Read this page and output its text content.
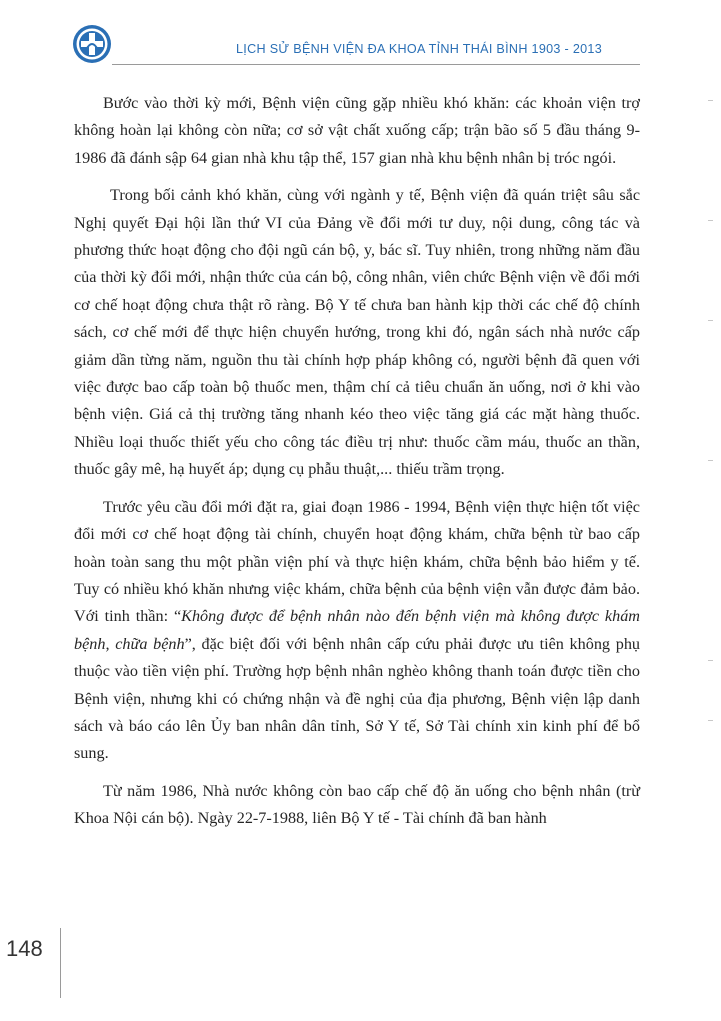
LỊCH SỬ BỆNH VIỆN ĐA KHOA TỈNH THÁI BÌNH 1903 - 2013

Bước vào thời kỳ mới, Bệnh viện cũng gặp nhiều khó khăn: các khoản viện trợ không hoàn lại không còn nữa; cơ sở vật chất xuống cấp; trận bão số 5 đầu tháng 9-1986 đã đánh sập 64 gian nhà khu tập thể, 157 gian nhà khu bệnh nhân bị tróc ngói.

Trong bối cảnh khó khăn, cùng với ngành y tế, Bệnh viện đã quán triệt sâu sắc Nghị quyết Đại hội lần thứ VI của Đảng về đổi mới tư duy, nội dung, công tác và phương thức hoạt động cho đội ngũ cán bộ, y, bác sĩ. Tuy nhiên, trong những năm đầu của thời kỳ đổi mới, nhận thức của cán bộ, công nhân, viên chức Bệnh viện về đổi mới cơ chế hoạt động chưa thật rõ ràng. Bộ Y tế chưa ban hành kịp thời các chế độ chính sách, cơ chế mới để thực hiện chuyển hướng, trong khi đó, ngân sách nhà nước cấp giảm dần từng năm, nguồn thu tài chính hợp pháp không có, người bệnh đã quen với việc được bao cấp toàn bộ thuốc men, thậm chí cả tiêu chuẩn ăn uống, nơi ở khi vào bệnh viện. Giá cả thị trường tăng nhanh kéo theo việc tăng giá các mặt hàng thuốc. Nhiều loại thuốc thiết yếu cho công tác điều trị như: thuốc cầm máu, thuốc an thần, thuốc gây mê, hạ huyết áp; dụng cụ phẫu thuật,... thiếu trầm trọng.

Trước yêu cầu đổi mới đặt ra, giai đoạn 1986 - 1994, Bệnh viện thực hiện tốt việc đổi mới cơ chế hoạt động tài chính, chuyển hoạt động khám, chữa bệnh từ bao cấp hoàn toàn sang thu một phần viện phí và thực hiện khám, chữa bệnh bảo hiểm y tế. Tuy có nhiều khó khăn nhưng việc khám, chữa bệnh của bệnh viện vẫn được đảm bảo. Với tinh thần: “Không được để bệnh nhân nào đến bệnh viện mà không được khám bệnh, chữa bệnh”, đặc biệt đối với bệnh nhân cấp cứu phải được ưu tiên không phụ thuộc vào tiền viện phí. Trường hợp bệnh nhân nghèo không thanh toán được tiền cho Bệnh viện, nhưng khi có chứng nhận và đề nghị của địa phương, Bệnh viện lập danh sách và báo cáo lên Ủy ban nhân dân tỉnh, Sở Y tế, Sở Tài chính xin kinh phí để bổ sung.

Từ năm 1986, Nhà nước không còn bao cấp chế độ ăn uống cho bệnh nhân (trừ Khoa Nội cán bộ). Ngày 22-7-1988, liên Bộ Y tế - Tài chính đã ban hành

148
